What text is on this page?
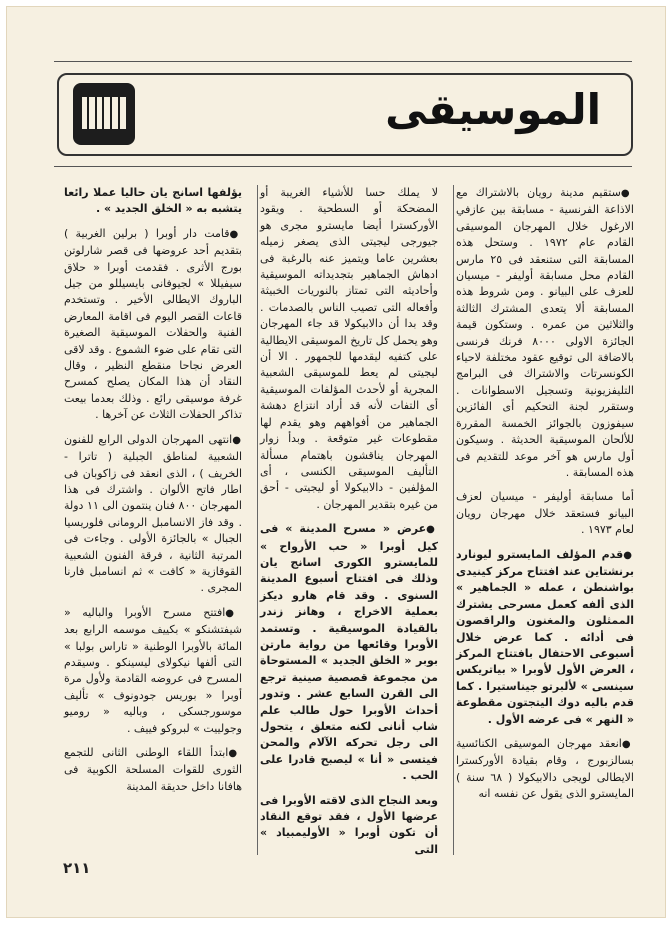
الموسيقى

● ستقيم مدينة رويان بالاشتراك مع الاذاعة الفرنسية - مسابقة بين عازفي الارغول خلال المهرجان الموسيقى القادم عام ١٩٧٢ . وستحل هذه المسابقة التى ستنعقد فى ٢٥ مارس القادم محل مسابقة أوليفر - ميسيان للعزف على البيانو . ومن شروط هذه المسابقة ألا يتعدى المشترك الثالثة والثلاثين من عمره . وستكون قيمة الجائزة الاولى ٨٠٠٠ فرنك فرنسى بالاضافة الى توقيع عقود مختلفة لاحياء الكونسرتات والاشتراك فى البرامج التليفزيونية وتسجيل الاسطوانات . وستقرر لجنة التحكيم أى الفائزين سيفوزون بالجوائز الخمسة المقررة للألحان الموسيقية الحديثة . وسيكون أول مارس هو آخر موعد للتقديم فى هذه المسابقة .

أما مسابقة أوليفر - ميسيان لعزف البيانو فستعقد خلال مهرجان رويان لعام ١٩٧٣ .

● قدم المؤلف المايسترو ليونارد برنشتاين عند افتتاح مركز كينيدى بواشنطن ، عمله « الجماهير » الذى ألفه كعمل مسرحى يشترك الممثلون والمغنون والراقصون فى أدائه . كما عرض خلال أسبوعى الاحتفال بافتتاح المركز ، العرض الأول لأوبرا « بياتريكس سينسى » لألبرتو جيناستيرا . كما قدم باليه دوك اليتجتون مقطوعة « النهر » فى عرضه الأول .

● انعقد مهرجان الموسيقى الكنائسية بسالزبورج ، وقام بقيادة الأوركسترا الايطالى لويجى دالابيكولا ( ٦٨ سنة ) المايسترو الذى يقول عن نفسه انه

لا يملك حسا للأشياء الغريبة أو المضحكة أو السطحية . ويقود الأوركسترا أيضا مايسترو مجرى هو جيورجى ليجيتى الذى يصغر زميله بعشرين عاما ويتميز عنه بالرغبة فى ادهاش الجماهير بتجديداته الموسيقية وأحاديثه التى تمتاز بالنوريات الخبيثة وأفعاله التى تصيب الناس بالصدمات . وقد بدا أن دالابيكولا قد جاء المهرجان وهو يحمل كل تاريخ الموسيقى الايطالية على كتفيه ليقدمها للجمهور . الا أن ليجيتى لم يعط للموسيقى الشعبية المجرية أو لأحدث المؤلفات الموسيقية أى التفات لأنه قد أراد انتزاع دهشة الجماهير من أفواههم وهو يقدم لها مقطوعات غير متوقعة . وبدأ زوار المهرجان يناقشون باهتمام مسألة التأليف الموسيقى الكنسى ، أى المؤلفين - دالابيكولا أو ليجيتى - أحق من غيره بتقدير المهرجان .

● عرض « مسرح المدينة » فى كيل أوبرا « حب الأرواح » للمايسترو الكورى اسانج يان وذلك فى افتتاح أسبوع المدينة السنوى . وقد قام هارو ديكز بعملية الاخراج ، وهانز زندر بالقيادة الموسيقية . وتستمد الأوبرا وقائعها من رواية مارتن بوبر « الخلق الجديد » المستوحاة من مجموعة قصصية صينية ترجع الى القرن السابع عشر . وتدور أحداث الأوبرا حول طالب علم شاب أنانى لكنه متعلق ، يتحول الى رجل تحركه الآلام والمحن فيتسى « أنا » ليصبح قادرا على الحب .

وبعد النجاح الذى لاقته الأوبرا فى عرضها الأول ، فقد توقع النقاد أن تكون أوبرا « الأوليمبياد » التى

يؤلفها اسانج يان حاليا عملا رائعا يتشبه به « الخلق الجديد » .

● قامت دار أوبرا ( برلين الغربية ) بتقديم أحد عروضها فى قصر شارلوتن بورج الأثرى . فقدمت أوبرا « حلاق سيفيللا » لجيوفانى بايسيللو من جيل الباروك الايطالى الأخير . وتستخدم قاعات القصر اليوم فى اقامة المعارض الفنية والحفلات الموسيقية الصغيرة التى تقام على ضوء الشموع . وقد لاقى العرض نجاحا منقطع النظير ، وقال النقاد أن هذا المكان يصلح كمسرح غرفة موسيقى رائع . وذلك بعدما بيعت تذاكر الحفلات الثلاث عن آخرها .

● انتهى المهرجان الدولى الرابع للفنون الشعبية لمناطق الجبلية ( تاترا - الخريف ) ، الذى انعقد فى زاكوبان فى اطار فاتح الألوان . واشترك فى هذا المهرجان ٨٠٠ فنان ينتمون الى ١١ دولة . وقد فاز الانسامبل الرومانى فلوريسيا الجبال » بالجائزة الأولى . وجاءت فى المرتبة الثانية ، فرقة الفنون الشعبية القوقازية « كافت » ثم انسامبل فارنا المجرى .

● افتتح مسرح الأوبرا والباليه « شيفتشنكو » بكييف موسمه الرابع بعد المائة بالأوبرا الوطنية « تاراس بولبا » التى ألفها نيكولاى ليسينكو . وسيقدم المسرح فى عروضه القادمة ولأول مرة أوبرا « بوريس جودونوف » تأليف موسورجسكى ، وباليه « روميو وجولييت » لبروكو فييف .

● ابتدأ اللقاء الوطنى الثانى للتجمع الثورى للقوات المسلحة الكوبية فى هافانا داخل حديقة المدينة

٢١١
